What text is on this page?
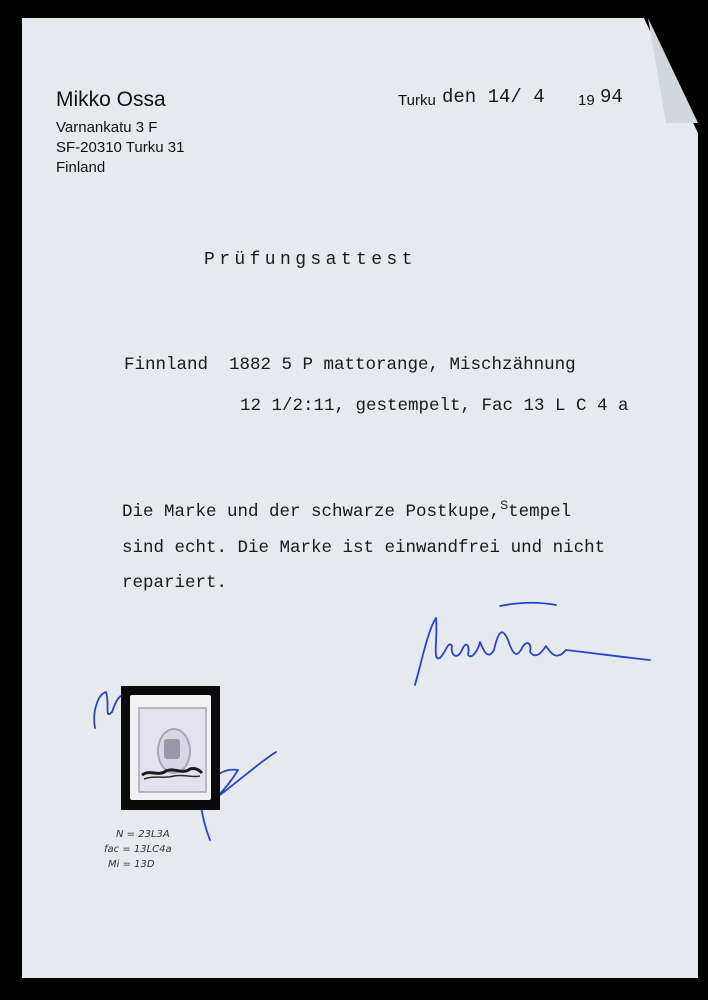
Mikko Ossa
Varnankatu 3 F
SF-20310 Turku 31
Finland
Turku den 14/ 4 19 94
Prüfungsattest
Finnland  1882 5 P mattorange, Mischzähnung
12 1/2:11, gestempelt, Fac 13 L C 4 a
Die Marke und der schwarze Postkupe,$^S$tempel
sind echt. Die Marke ist einwandfrei und nicht
repariert.
N = 23L3A
fac = 13LC4a
Mi = 13D
